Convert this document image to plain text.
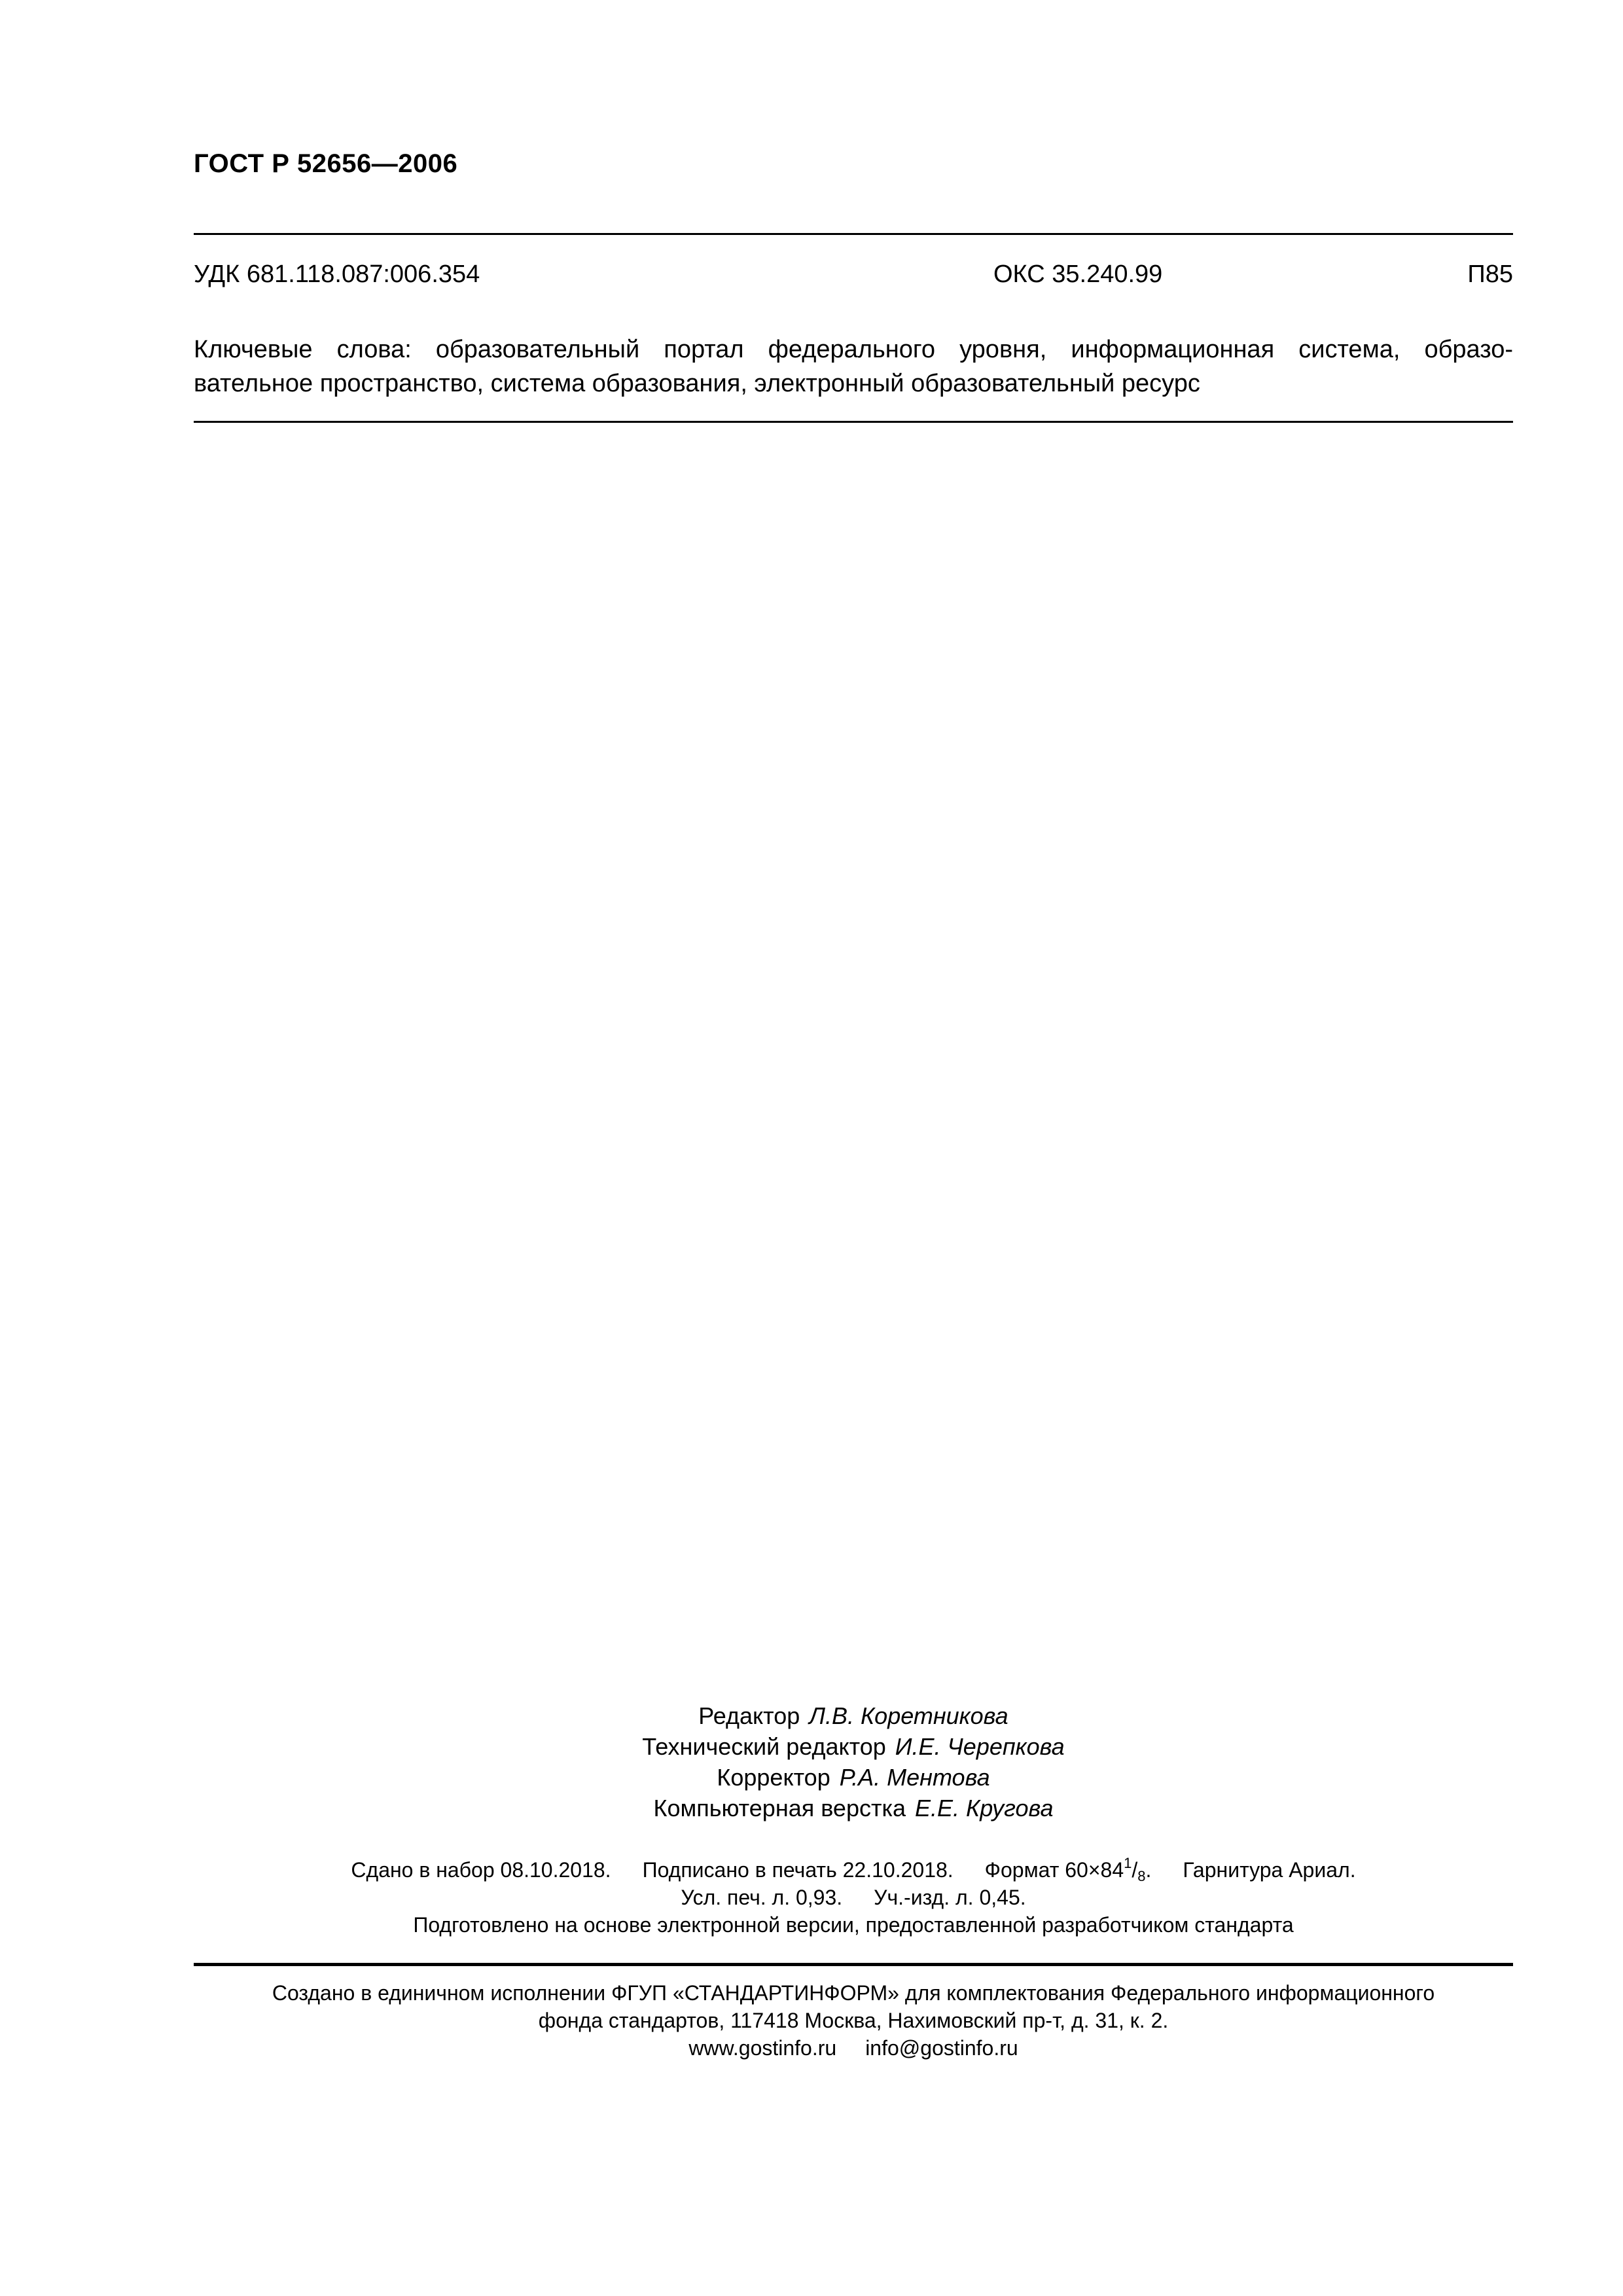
ГОСТ Р 52656—2006
УДК 681.118.087:006.354	ОКС 35.240.99	П85
Ключевые слова: образовательный портал федерального уровня, информационная система, образо-
вательное пространство, система образования, электронный образовательный ресурс
Редактор Л.В. Коретникова
Технический редактор И.Е. Черепкова
Корректор Р.А. Ментова
Компьютерная верстка Е.Е. Кругова
Сдано в набор 08.10.2018. Подписано в печать 22.10.2018. Формат $60\times 84^1/_8$. Гарнитура Ариал.
Усл. печ. л. 0,93. Уч.-изд. л. 0,45.
Подготовлено на основе электронной версии, предоставленной разработчиком стандарта
Создано в единичном исполнении ФГУП «СТАНДАРТИНФОРМ» для комплектования Федерального информационного
фонда стандартов, 117418 Москва, Нахимовский пр-т, д. 31, к. 2.
www.gostinfo.ru info@gostinfo.ru
